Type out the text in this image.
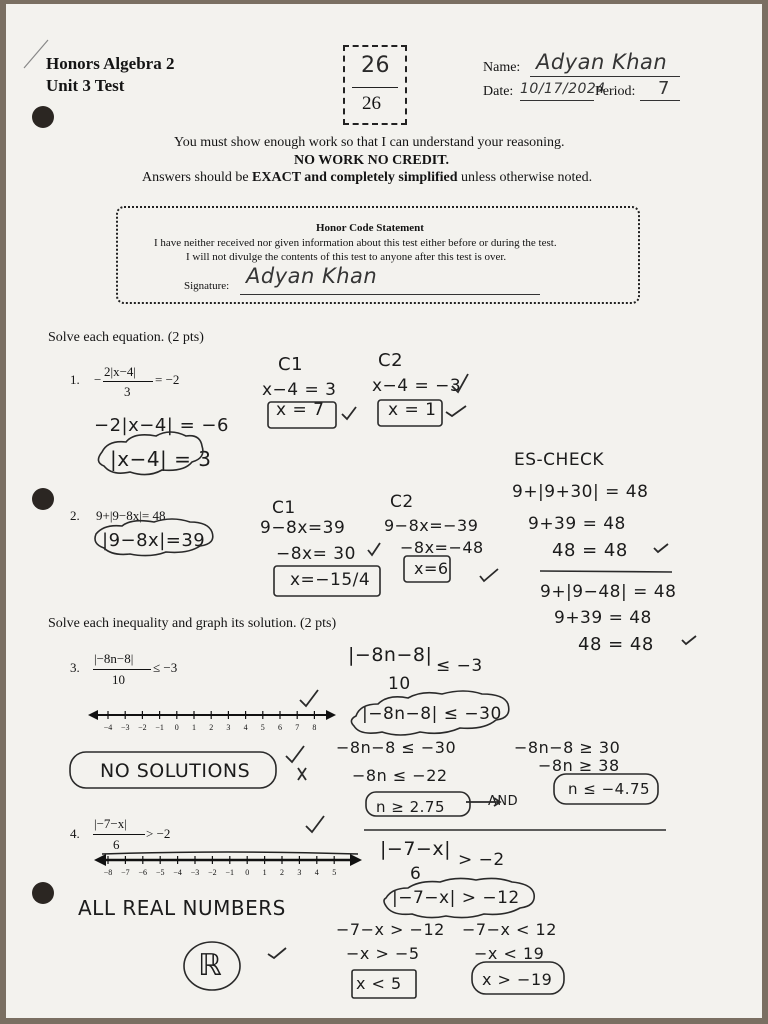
Honors Algebra 2
Unit 3 Test
26
26
Name: Adyan Khan
Date: 10/17/2024
Period: 7
You must show enough work so that I can understand your reasoning.
NO WORK NO CREDIT.
Answers should be EXACT and completely simplified unless otherwise noted.
Honor Code Statement
I have neither received nor given information about this test either before or during the test.
I will not divulge the contents of this test to anyone after this test is over.
Signature: Adyan Khan
Solve each equation. (2 pts)
1. −
2|x−4|
3
= −2
−2|x−4| = −6
|x−4| = 3
C1
x−4 = 3
x = 7
C2
x−4 = −3
x = 1
2. 9+|9−8x|= 48
|9−8x|=39
C1
9−8x=39
−8x= 30
x=−15/4
C2
9−8x=−39
−8x=−48
x=6
ES-CHECK
9+|9+30| = 48
9+39 = 48
48 = 48
9+|9−48| = 48
9+39 = 48
48 = 48
Solve each inequality and graph its solution. (2 pts)
3.
|−8n−8|
10
≤ −3
NO SOLUTIONS
|−8n−8|
10
≤ −3
|−8n−8| ≤ −30
−8n−8 ≤ −30
−8n ≤ −22
n ≥ 2.75	AND
−8n−8 ≥ 30
−8n ≥ 38
n ≤ −4.75
4.
|−7−x|
6
> −2
ALL REAL NUMBERS
ℝ
|−7−x|
6
> −2
|−7−x| > −12
−7−x > −12
−x > −5
x < 5
−7−x < 12
−x < 19
x > −19
−4 −3 −2 −1 0 1 2 3 4 5 6 7 8
−8 −7 −6 −5 −4 −3 −2 −1 0 1 2 3 4 5
